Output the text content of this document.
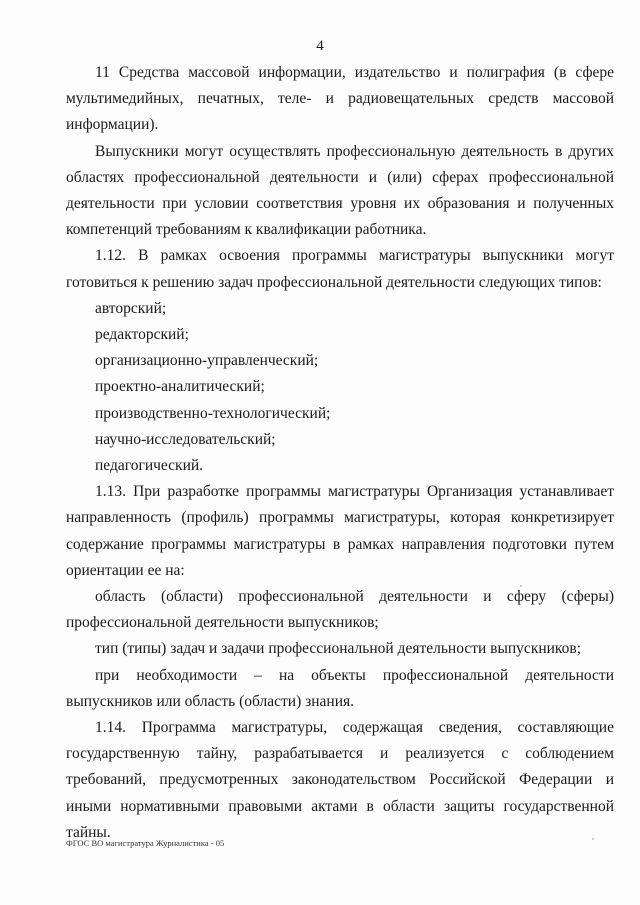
4

11 Средства массовой информации, издательство и полиграфия (в сфере мультимедийных, печатных, теле- и радиовещательных средств массовой информации).

Выпускники могут осуществлять профессиональную деятельность в других областях профессиональной деятельности и (или) сферах профессиональной деятельности при условии соответствия уровня их образования и полученных компетенций требованиям к квалификации работника.

1.12. В рамках освоения программы магистратуры выпускники могут готовиться к решению задач профессиональной деятельности следующих типов:

авторский;

редакторский;

организационно-управленческий;

проектно-аналитический;

производственно-технологический;

научно-исследовательский;

педагогический.

1.13. При разработке программы магистратуры Организация устанавливает направленность (профиль) программы магистратуры, которая конкретизирует содержание программы магистратуры в рамках направления подготовки путем ориентации ее на:

область (области) профессиональной деятельности и сферу (сферы) профессиональной деятельности выпускников;

тип (типы) задач и задачи профессиональной деятельности выпускников;

при необходимости – на объекты профессиональной деятельности выпускников или область (области) знания.

1.14. Программа магистратуры, содержащая сведения, составляющие государственную тайну, разрабатывается и реализуется с соблюдением требований, предусмотренных законодательством Российской Федерации и иными нормативными правовыми актами в области защиты государственной тайны.

ФГОС ВО магистратура Журналистика - 05
